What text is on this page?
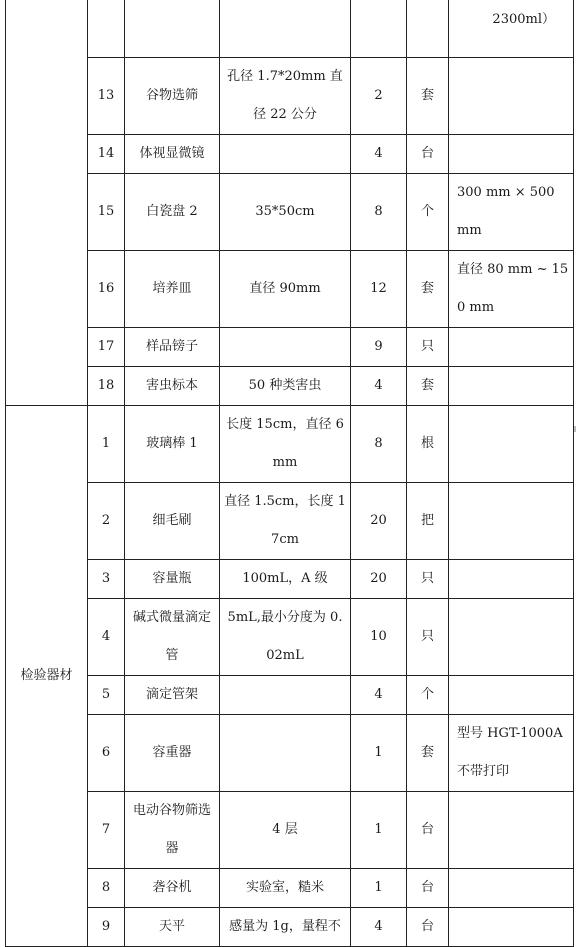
						2300ml）
	13	谷物选筛	孔径 1.7*20mm 直径 22 公分	2	套	
	14	体视显微镜		4	台	
	15	白瓷盘 2	35*50cm	8	个	300 mm × 500 mm
	16	培养皿	直径 90mm	12	套	直径 80 mm ~ 150 mm
	17	样品镑子		9	只	
	18	害虫标本	50 种类害虫	4	套	
检验器材	1	玻璃棒 1	长度 15cm，直径 6mm	8	根	
	2	细毛刷	直径 1.5cm，长度 17cm	20	把	
	3	容量瓶	100mL，A 级	20	只	
	4	碱式微量滴定管	5mL,最小分度为 0.02mL	10	只	
	5	滴定管架		4	个	
	6	容重器		1	套	型号 HGT-1000A 不带打印
	7	电动谷物筛选器	4 层	1	台	
	8	砻谷机	实验室，糙米	1	台	
	9	天平	感量为 1g，量程不	4	台	
